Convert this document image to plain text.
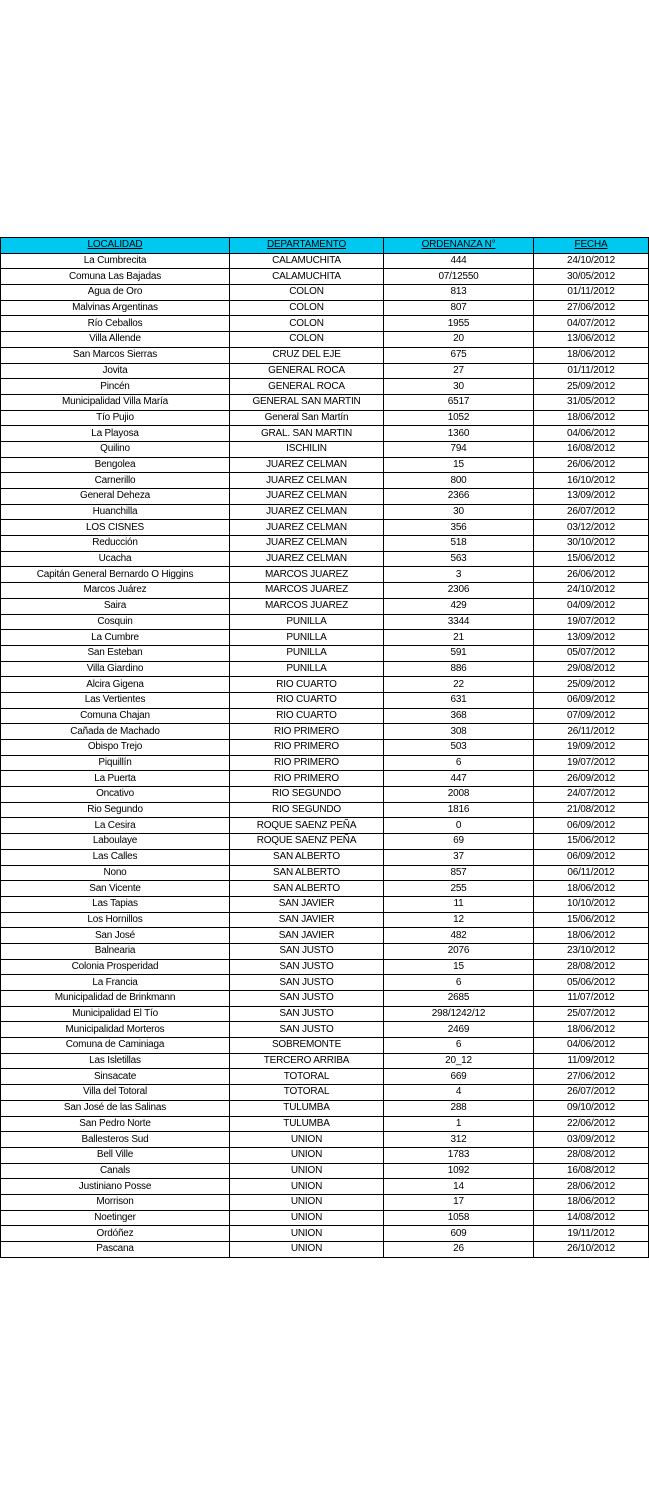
LOCALIDAD	DEPARTAMENTO	ORDENANZA N°	FECHA
La Cumbrecita	CALAMUCHITA	444	24/10/2012
Comuna Las Bajadas	CALAMUCHITA	07/12550	30/05/2012
Agua de Oro	COLON	813	01/11/2012
Malvinas Argentinas	COLON	807	27/06/2012
Río Ceballos	COLON	1955	04/07/2012
Villa Allende	COLON	20	13/06/2012
San Marcos Sierras	CRUZ DEL EJE	675	18/06/2012
Jovita	GENERAL ROCA	27	01/11/2012
Pincén	GENERAL ROCA	30	25/09/2012
Municipalidad Villa María	GENERAL SAN MARTIN	6517	31/05/2012
Tío Pujio	General San Martín	1052	18/06/2012
La Playosa	GRAL. SAN MARTIN	1360	04/06/2012
Quilino	ISCHILIN	794	16/08/2012
Bengolea	JUAREZ CELMAN	15	26/06/2012
Carnerillo	JUAREZ CELMAN	800	16/10/2012
General Deheza	JUAREZ CELMAN	2366	13/09/2012
Huanchilla	JUAREZ CELMAN	30	26/07/2012
LOS CISNES	JUAREZ CELMAN	356	03/12/2012
Reducción	JUAREZ CELMAN	518	30/10/2012
Ucacha	JUAREZ CELMAN	563	15/06/2012
Capitán General Bernardo O Higgins	MARCOS JUAREZ	3	26/06/2012
Marcos Juárez	MARCOS JUAREZ	2306	24/10/2012
Saira	MARCOS JUAREZ	429	04/09/2012
Cosquin	PUNILLA	3344	19/07/2012
La Cumbre	PUNILLA	21	13/09/2012
San Esteban	PUNILLA	591	05/07/2012
Villa Giardino	PUNILLA	886	29/08/2012
Alcira Gigena	RIO CUARTO	22	25/09/2012
Las Vertientes	RIO CUARTO	631	06/09/2012
Comuna Chajan	RIO CUARTO	368	07/09/2012
Cañada de Machado	RIO PRIMERO	308	26/11/2012
Obispo Trejo	RIO PRIMERO	503	19/09/2012
Piquillín	RIO PRIMERO	6	19/07/2012
La Puerta	RIO PRIMERO	447	26/09/2012
Oncativo	RIO SEGUNDO	2008	24/07/2012
Rio Segundo	RIO SEGUNDO	1816	21/08/2012
La Cesira	ROQUE SAENZ PEÑA	0	06/09/2012
Laboulaye	ROQUE SAENZ PEÑA	69	15/06/2012
Las Calles	SAN ALBERTO	37	06/09/2012
Nono	SAN ALBERTO	857	06/11/2012
San Vicente	SAN ALBERTO	255	18/06/2012
Las Tapias	SAN JAVIER	11	10/10/2012
Los Hornillos	SAN JAVIER	12	15/06/2012
San José	SAN JAVIER	482	18/06/2012
Balnearia	SAN JUSTO	2076	23/10/2012
Colonia Prosperidad	SAN JUSTO	15	28/08/2012
La Francia	SAN JUSTO	6	05/06/2012
Municipalidad de Brinkmann	SAN JUSTO	2685	11/07/2012
Municipalidad El Tío	SAN JUSTO	298/1242/12	25/07/2012
Municipalidad Morteros	SAN JUSTO	2469	18/06/2012
Comuna de Caminiaga	SOBREMONTE	6	04/06/2012
Las Isletillas	TERCERO ARRIBA	20_12	11/09/2012
Sinsacate	TOTORAL	669	27/06/2012
Villa del Totoral	TOTORAL	4	26/07/2012
San José de las Salinas	TULUMBA	288	09/10/2012
San Pedro Norte	TULUMBA	1	22/06/2012
Ballesteros Sud	UNION	312	03/09/2012
Bell Ville	UNION	1783	28/08/2012
Canals	UNION	1092	16/08/2012
Justiniano Posse	UNION	14	28/06/2012
Morrison	UNION	17	18/06/2012
Noetinger	UNION	1058	14/08/2012
Ordóñez	UNION	609	19/11/2012
Pascana	UNION	26	26/10/2012
